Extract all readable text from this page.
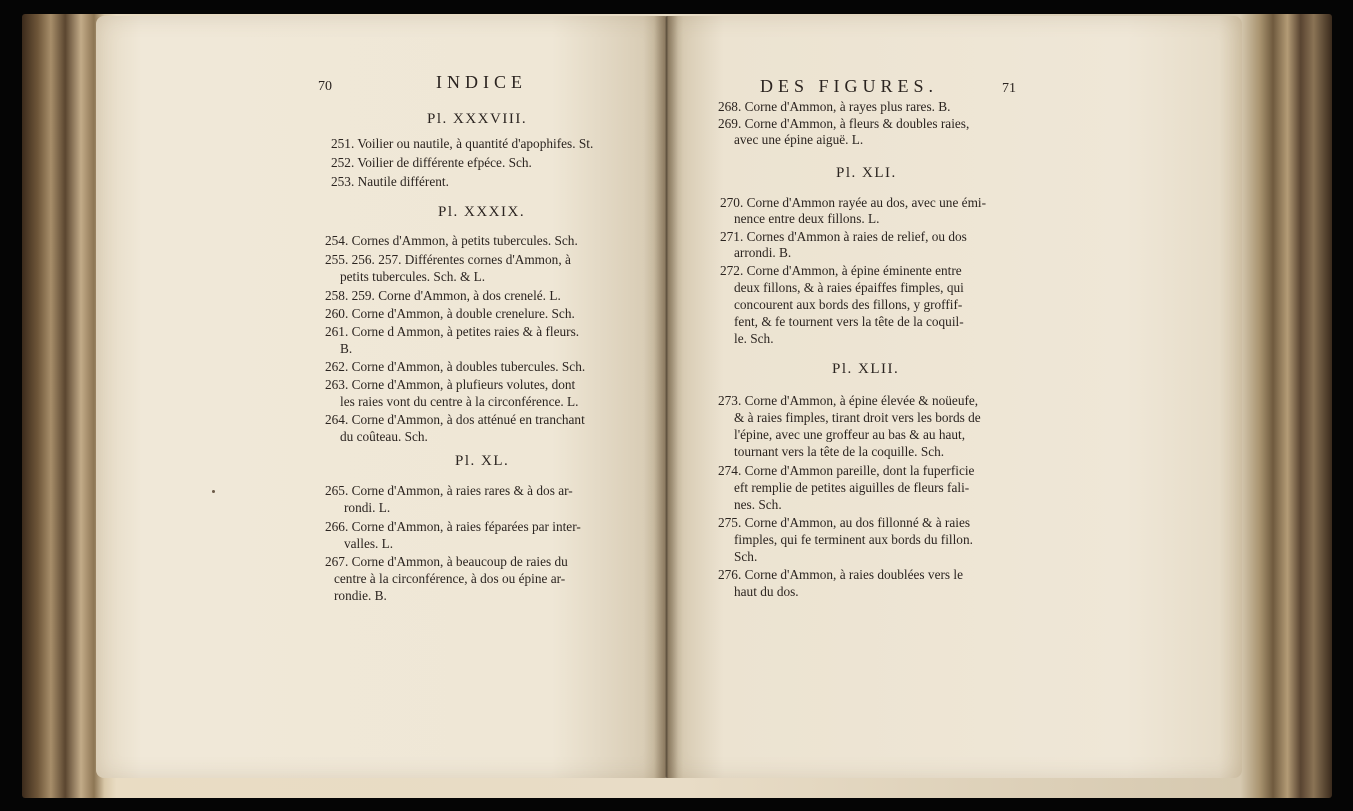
70	INDICE
Pl. XXXVIII.
251. Voilier ou nautile, à quantité d'apophifes. St.
252. Voilier de différente efpéce. Sch.
253. Nautile différent.
Pl. XXXIX.
254. Cornes d'Ammon, à petits tubercules. Sch.
255. 256. 257. Différentes cornes d'Ammon, à
petits tubercules. Sch. & L.
258. 259. Corne d'Ammon, à dos crenelé. L.
260. Corne d'Ammon, à double crenelure. Sch.
261. Corne d Ammon, à petites raies & à fleurs.
B.
262. Corne d'Ammon, à doubles tubercules. Sch.
263. Corne d'Ammon, à plufieurs volutes, dont
les raies vont du centre à la circonférence. L.
264. Corne d'Ammon, à dos atténué en tranchant
du coûteau. Sch.
Pl. XL.
265. Corne d'Ammon, à raies rares & à dos ar-
rondi. L.
266. Corne d'Ammon, à raies féparées par inter-
valles. L.
267. Corne d'Ammon, à beaucoup de raies du
centre à la circonférence, à dos ou épine ar-
rondie. B.
DES FIGURES.	71
268. Corne d'Ammon, à rayes plus rares. B.
269. Corne d'Ammon, à fleurs & doubles raies,
avec une épine aiguë. L.
Pl. XLI.
270. Corne d'Ammon rayée au dos, avec une émi-
nence entre deux fillons. L.
271. Cornes d'Ammon à raies de relief, ou dos
arrondi. B.
272. Corne d'Ammon, à épine éminente entre
deux fillons, & à raies épaiffes fimples, qui
concourent aux bords des fillons, y groffif-
fent, & fe tournent vers la tête de la coquil-
le. Sch.
Pl. XLII.
273. Corne d'Ammon, à épine élevée & noüeufe,
& à raies fimples, tirant droit vers les bords de
l'épine, avec une groffeur au bas & au haut,
tournant vers la tête de la coquille. Sch.
274. Corne d'Ammon pareille, dont la fuperficie
eft remplie de petites aiguilles de fleurs fali-
nes. Sch.
275. Corne d'Ammon, au dos fillonné & à raies
fimples, qui fe terminent aux bords du fillon.
Sch.
276. Corne d'Ammon, à raies doublées vers le
haut du dos.
